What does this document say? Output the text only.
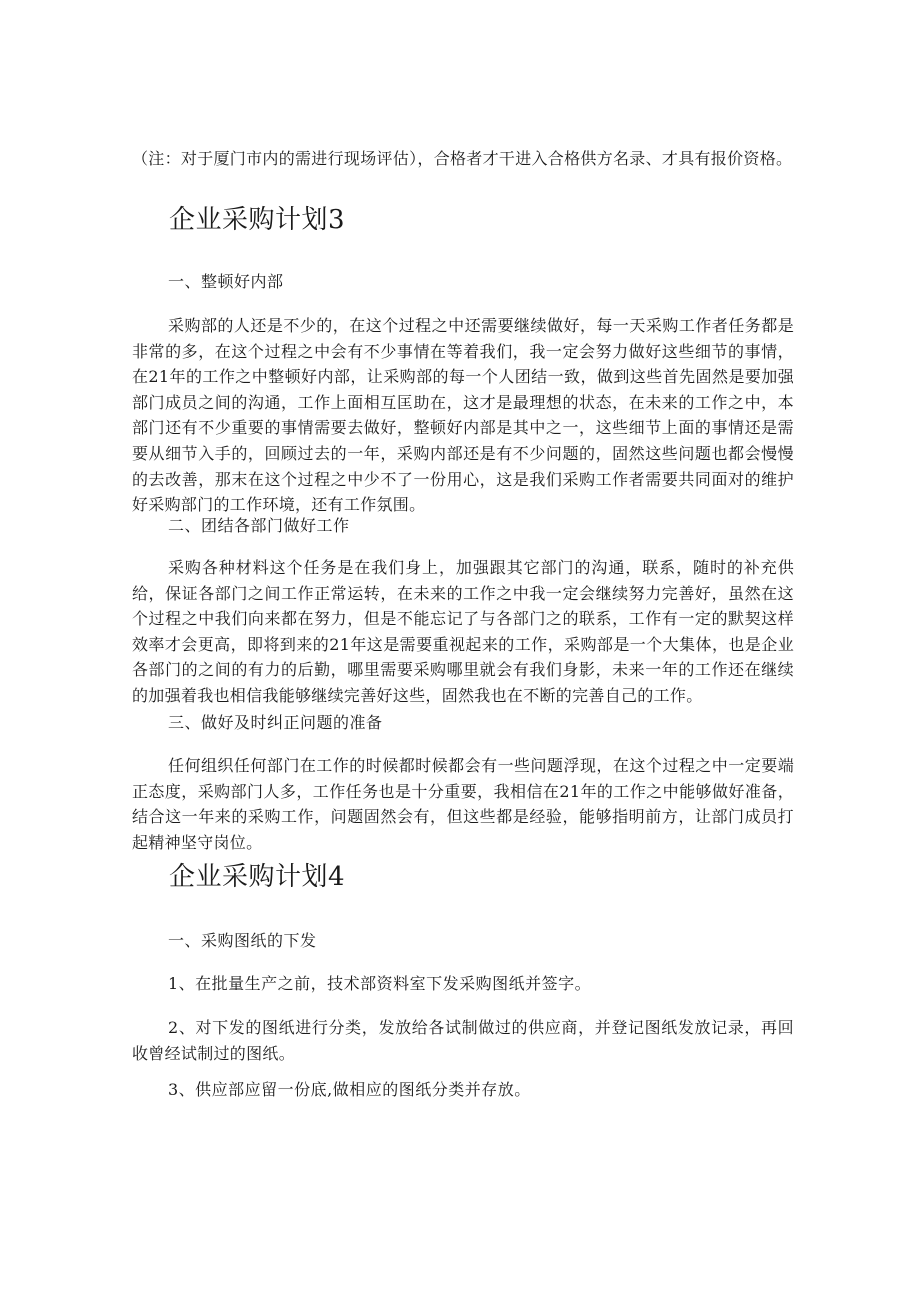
（注：对于厦门市内的需进行现场评估），合格者才干进入合格供方名录、才具有报价资格。

企业采购计划3

一、整顿好内部

采购部的人还是不少的，在这个过程之中还需要继续做好，每一天采购工作者任务都是非常的多，在这个过程之中会有不少事情在等着我们，我一定会努力做好这些细节的事情，在21年的工作之中整顿好内部，让采购部的每一个人团结一致，做到这些首先固然是要加强部门成员之间的沟通，工作上面相互匡助在，这才是最理想的状态，在未来的工作之中，本部门还有不少重要的事情需要去做好，整顿好内部是其中之一，这些细节上面的事情还是需要从细节入手的，回顾过去的一年，采购内部还是有不少问题的，固然这些问题也都会慢慢的去改善，那末在这个过程之中少不了一份用心，这是我们采购工作者需要共同面对的维护好采购部门的工作环境，还有工作氛围。

二、团结各部门做好工作

采购各种材料这个任务是在我们身上，加强跟其它部门的沟通，联系，随时的补充供给，保证各部门之间工作正常运转，在未来的工作之中我一定会继续努力完善好，虽然在这个过程之中我们向来都在努力，但是不能忘记了与各部门之的联系，工作有一定的默契这样效率才会更高，即将到来的21年这是需要重视起来的工作，采购部是一个大集体，也是企业各部门的之间的有力的后勤，哪里需要采购哪里就会有我们身影，未来一年的工作还在继续的加强着我也相信我能够继续完善好这些，固然我也在不断的完善自己的工作。

三、做好及时纠正问题的准备

任何组织任何部门在工作的时候都时候都会有一些问题浮现，在这个过程之中一定要端正态度，采购部门人多，工作任务也是十分重要，我相信在21年的工作之中能够做好准备，结合这一年来的采购工作，问题固然会有，但这些都是经验，能够指明前方，让部门成员打起精神坚守岗位。

企业采购计划4

一、采购图纸的下发

1、在批量生产之前，技术部资料室下发采购图纸并签字。

2、对下发的图纸进行分类，发放给各试制做过的供应商，并登记图纸发放记录，再回收曾经试制过的图纸。

3、供应部应留一份底,做相应的图纸分类并存放。
